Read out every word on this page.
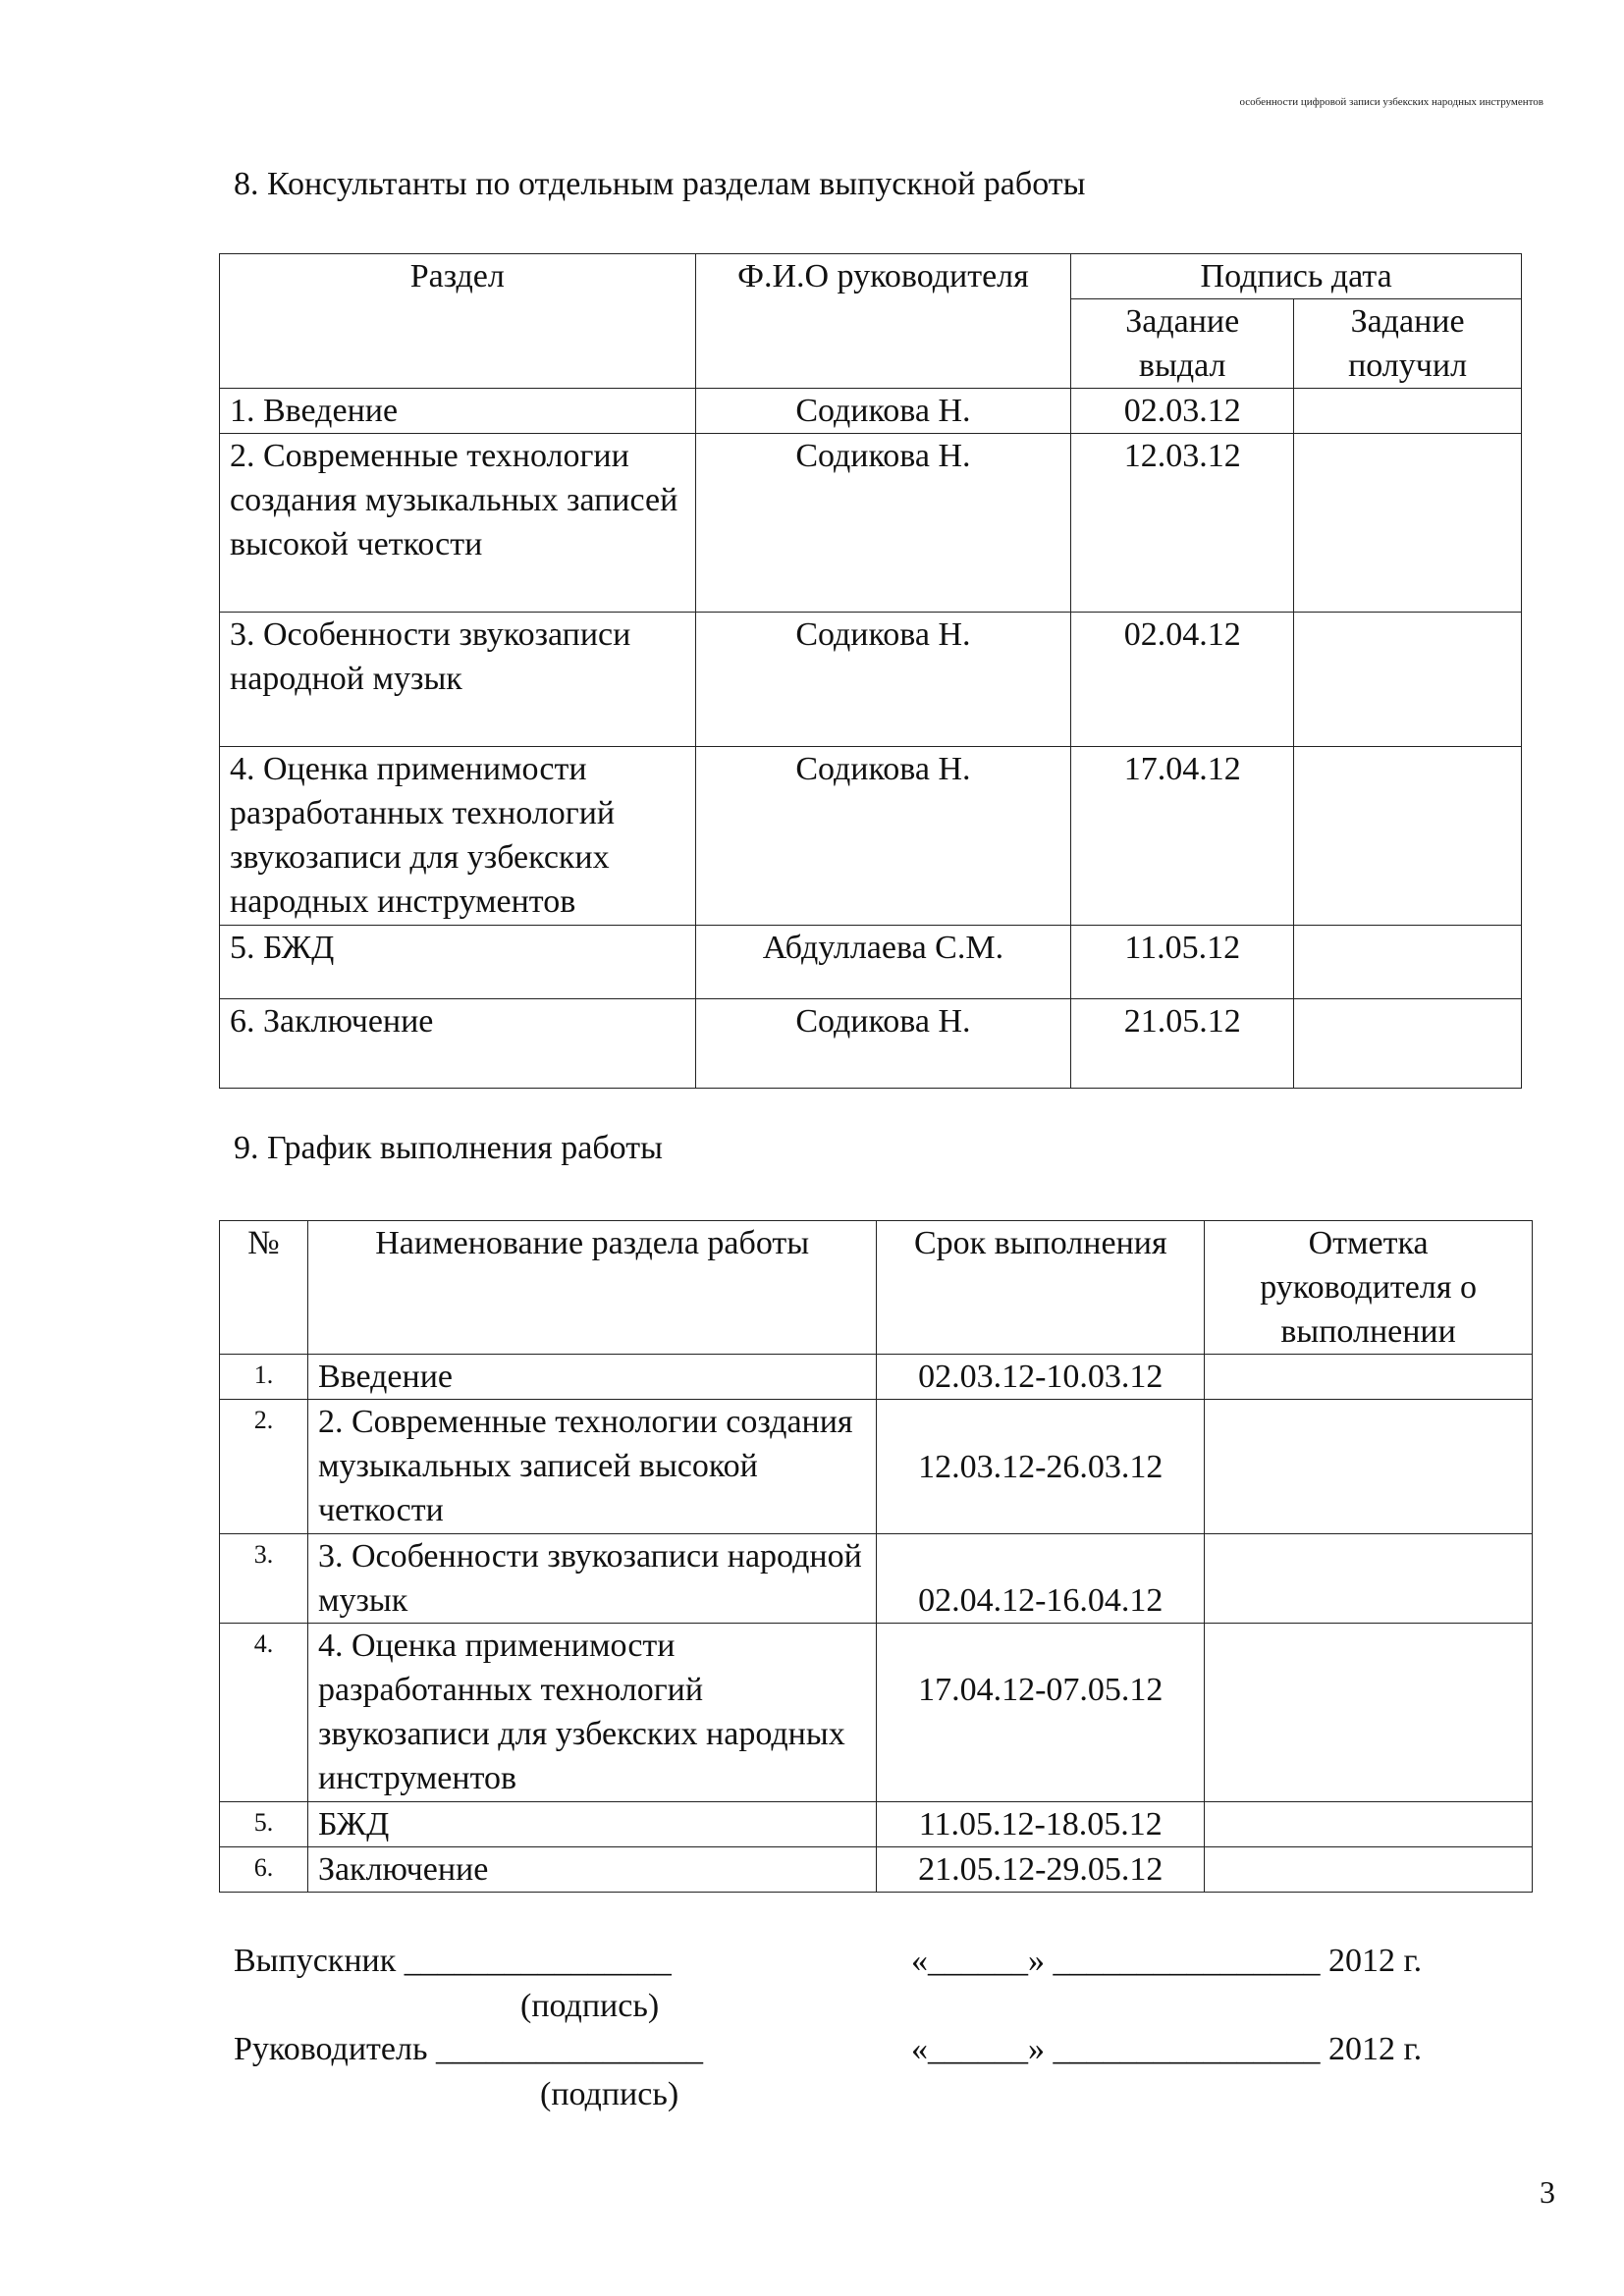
особенности цифровой записи узбекских народных инструментов
8. Консультанты по отдельным разделам выпускной работы
Раздел	Ф.И.О руководителя	Подпись дата	
		Задание выдал	Задание получил
1. Введение	Содикова Н.	02.03.12	
2. Современные технологии создания музыкальных записей высокой четкости	Содикова Н.	12.03.12	
3. Особенности звукозаписи народной музык	Содикова Н.	02.04.12	
4. Оценка применимости разработанных технологий звукозаписи для узбекских народных инструментов	Содикова Н.	17.04.12	
5. БЖД	Абдуллаева С.М.	11.05.12	
6. Заключение	Содикова Н.	21.05.12	
9. График выполнения работы
№	Наименование раздела работы	Срок выполнения	Отметка руководителя о выполнении
1.	Введение	02.03.12-10.03.12	
2.	2. Современные технологии создания музыкальных записей высокой четкости	12.03.12-26.03.12	
3.	3. Особенности звукозаписи народной музык	02.04.12-16.04.12	
4.	4. Оценка применимости разработанных технологий звукозаписи для узбекских народных инструментов	17.04.12-07.05.12	
5.	БЖД	11.05.12-18.05.12	
6.	Заключение	21.05.12-29.05.12	
Выпускник ________________	«______» ________________ 2012 г.
(подпись)
Руководитель ________________	«______» ________________ 2012 г.
(подпись)
3
